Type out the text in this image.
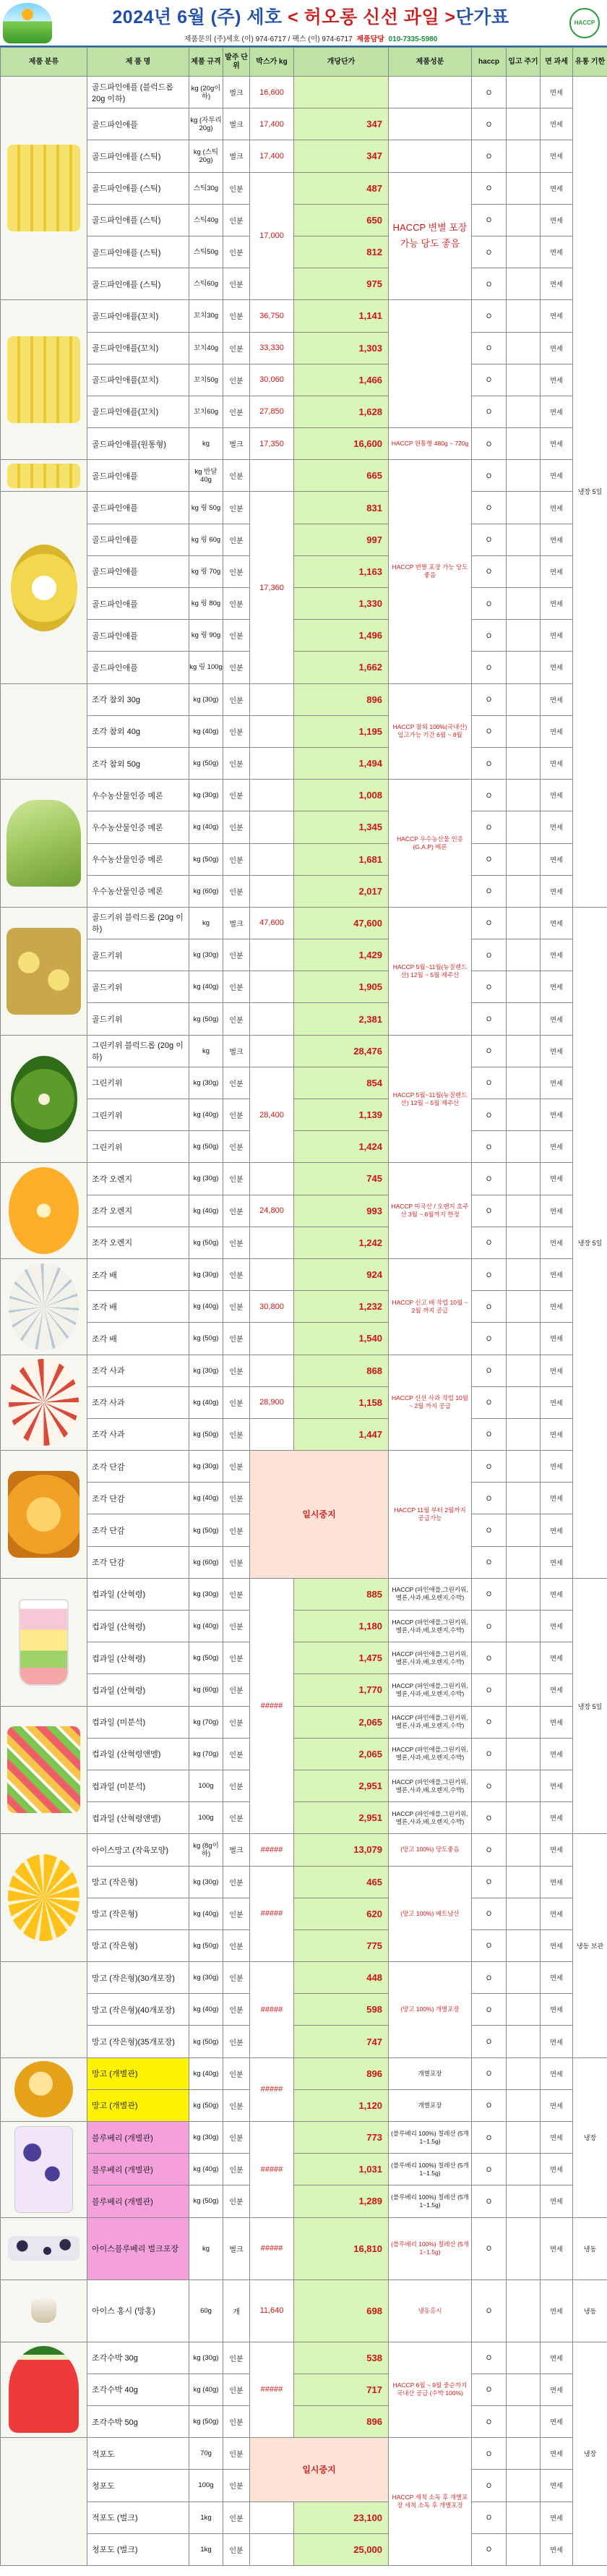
2024년 6월 (주) 세호 < 허오롱 신선 과일 >단가표
제품문의 (주)세호 (이) 974-6717 / 팩스 (이) 974-6717 제품담당 010-7335-5980
HACCP
제품 분류	제 품 명	제품 규격	발주 단위	박스가 kg	개당단가	제품성분	haccp	입고 주기	면 과세	유통 기한

	골드파인애플 (블럭드롭 20g 이하)	kg (20g이 하)	벌크	16,600			O		면세	냉장 5일
	골드파인애플	kg (자투리 20g)	벌크	17,400	347		O		면세	
	골드파인애플 (스틱)	kg (스틱 20g)	벌크	17,400	347		O		면세	
	골드파인애플 (스틱)	스틱30g	인분	17,000	487	HACCP 변별 포장 가능 당도 좋음	O		면세	
	골드파인애플 (스틱)	스틱40g	인분		650		O		면세	
	골드파인애플 (스틱)	스틱50g	인분		812		O		면세	
	골드파인애플 (스틱)	스틱60g	인분		975		O		면세	

	골드파인애플(꼬치)	꼬치30g	인분	36,750	1,141		O		면세	
	골드파인애플(꼬치)	꼬치40g	인분	33,330	1,303		O		면세	
	골드파인애플(꼬치)	꼬치50g	인분	30,060	1,466		O		면세	
	골드파인애플(꼬치)	꼬치60g	인분	27,850	1,628		O		면세	
	골드파인애플(원통형)	kg	벌크	17,350	16,600	HACCP 원통형 480g ~ 720g	O		면세	

	골드파인애플	kg 반달40g	인분		665	HACCP 변별 포장 가능 당도 좋음	O		면세	

	골드파인애플	kg 링 50g	인분	17,360	831		O		면세	
	골드파인애플	kg 링 60g	인분		997		O		면세	
	골드파인애플	kg 링 70g	인분		1,163		O		면세	
	골드파인애플	kg 링 80g	인분		1,330		O		면세	
	골드파인애플	kg 링 90g	인분		1,496		O		면세	
	골드파인애플	kg 링 100g	인분		1,662		O		면세	
	조각 참외 30g	kg (30g)	인분		896	HACCP 참외 100%(국내산) 입고가능 기간 6월 ~ 8월	O		면세	
	조각 참외 40g	kg (40g)	인분		1,195		O		면세	
	조각 참외 50g	kg (50g)	인분		1,494		O		면세	

	우수농산물인증 메론	kg (30g)	인분		1,008	HACCP 우수농산물 인증 (G.A.P) 메론	O		면세	
	우수농산물인증 메론	kg (40g)	인분		1,345		O		면세	
	우수농산물인증 메론	kg (50g)	인분		1,681		O		면세	
	우수농산물인증 메론	kg (60g)	인분		2,017		O		면세	

	골드키위 블럭드롭 (20g 이하)	kg	벌크	47,600	47,600	HACCP 5월~11월(뉴질랜드산) 12월 ~ 5월 제주산	O		면세	냉장 5일
	골드키위	kg (30g)	인분		1,429		O		면세	
	골드키위	kg (40g)	인분		1,905		O		면세	
	골드키위	kg (50g)	인분		2,381		O		면세	

	그린키위 블럭드롭 (20g 이하)	kg	벌크		28,476	HACCP 5월~11월(뉴질랜드산) 12월 ~ 5월 제주산	O		면세	
	그린키위	kg (30g)	인분	28,400	854		O		면세	
	그린키위	kg (40g)	인분		1,139		O		면세	
	그린키위	kg (50g)	인분		1,424		O		면세	

	조각 오렌지	kg (30g)	인분		745	HACCP 미국산 / 오렌지 호주산 3월 ~ 6월까지 한정	O		면세	
	조각 오렌지	kg (40g)	인분	24,800	993		O		면세	
	조각 오렌지	kg (50g)	인분		1,242		O		면세	

	조각 배	kg (30g)	인분		924	HACCP 신고 배 작업 10월 ~ 2월 까지 공급	O		면세	
	조각 배	kg (40g)	인분	30,800	1,232		O		면세	
	조각 배	kg (50g)	인분		1,540		O		면세	

	조각 사과	kg (30g)	인분		868	HACCP 신선 사과 작업 10월 ~ 2월 까지 공급	O		면세	
	조각 사과	kg (40g)	인분	28,900	1,158		O		면세	
	조각 사과	kg (50g)	인분		1,447		O		면세	

	조각 단감	kg (30g)	인분	일시중지		HACCP 11월 부터 2월까지 공급가능	O		면세	
	조각 단감	kg (40g)	인분				O		면세	
	조각 단감	kg (50g)	인분				O		면세	
	조각 단감	kg (60g)	인분				O		면세	

	컵과일 (산혁령)	kg (30g)	인분	#####	885	HACCP (파인애플,그린키위,멜론,사과,배,오렌지,수박)	O		면세	냉장 5일
	컵과일 (산혁령)	kg (40g)	인분		1,180	HACCP (파인애플,그린키위,멜론,사과,배,오렌지,수박)	O		면세	
	컵과일 (산혁령)	kg (50g)	인분		1,475	HACCP (파인애플,그린키위,멜론,사과,배,오렌지,수박)	O		면세	
	컵과일 (산혁령)	kg (60g)	인분		1,770	HACCP (파인애플,그린키위,멜론,사과,배,오렌지,수박)	O		면세	

	컵과일 (미분석)	kg (70g)	인분		2,065	HACCP (파인애플,그린키위,멜론,사과,배,오렌지,수박)	O		면세	
	컵과일 (산혁령앤멜)	kg (70g)	인분		2,065	HACCP (파인애플,그린키위,멜론,사과,배,오렌지,수박)	O		면세	
	컵과일 (미분석)	100g	인분		2,951	HACCP (파인애플,그린키위,멜론,사과,배,오렌지,수박)	O		면세	
	컵과일 (산혁령앤멜)	100g	인분		2,951	HACCP (파인애플,그린키위,멜론,사과,배,오렌지,수박)	O		면세	

	아이스망고 (작육모양)	kg (8g이하)	벌크	#####	13,079	(망고 100%) 당도좋음	O		면세	냉동 보관
	망고 (작은형)	kg (30g)	인분	#####	465	(망고 100%) 베트남산	O		면세	
	망고 (작은형)	kg (40g)	인분		620		O		면세	
	망고 (작은형)	kg (50g)	인분		775		O		면세	
	망고 (작은형)(30개포장)	kg (30g)	인분	#####	448	(망고 100%) 개별포장	O		면세	
	망고 (작은형)(40개포장)	kg (40g)	인분		598		O		면세	
	망고 (작은형)(35개포장)	kg (50g)	인분		747		O		면세	

	망고 (개별관)	kg (40g)	인분	#####	896	개별포장	O		면세	냉장
	망고 (개별관)	kg (50g)	인분		1,120	개별포장	O		면세	

	블루베리 (개별관)	kg (30g)	인분	#####	773	(블루베리 100%) 칠레산 (5개 1~1.5g)	O		면세	
	블루베리 (개별관)	kg (40g)	인분		1,031	(블루베리 100%) 칠레산 (5개 1~1.5g)	O		면세	
	블루베리 (개별관)	kg (50g)	인분		1,289	(블루베리 100%) 칠레산 (5개 1~1.5g)	O		면세	

	아이스블루베리 벌크포장	kg	벌크	#####	16,810	(블루베리 100%) 칠레산 (5개 1~1.5g)	O		면세	냉동

	아이스 홍시 (망홍)	60g	개	11,640	698	냉동홍시	O		면세	냉동

	조각수박 30g	kg (30g)	인분	#####	538	HACCP 6월 ~ 9월 중순까지 국내산 공급 (수박 100%)	O		면세	냉장
	조각수박 40g	kg (40g)	인분		717		O		면세	
	조각수박 50g	kg (50g)	인분		896		O		면세	
	적포도	70g	인분	일시중지		HACCP 세척 소독 후 개별포장 세척 소독 후 개별포장	O		면세	
	청포도	100g	인분				O		면세	
	적포도 (벌크)	1kg	인분		23,100		O		면세	
	청포도 (벌크)	1kg	인분		25,000		O		면세	
